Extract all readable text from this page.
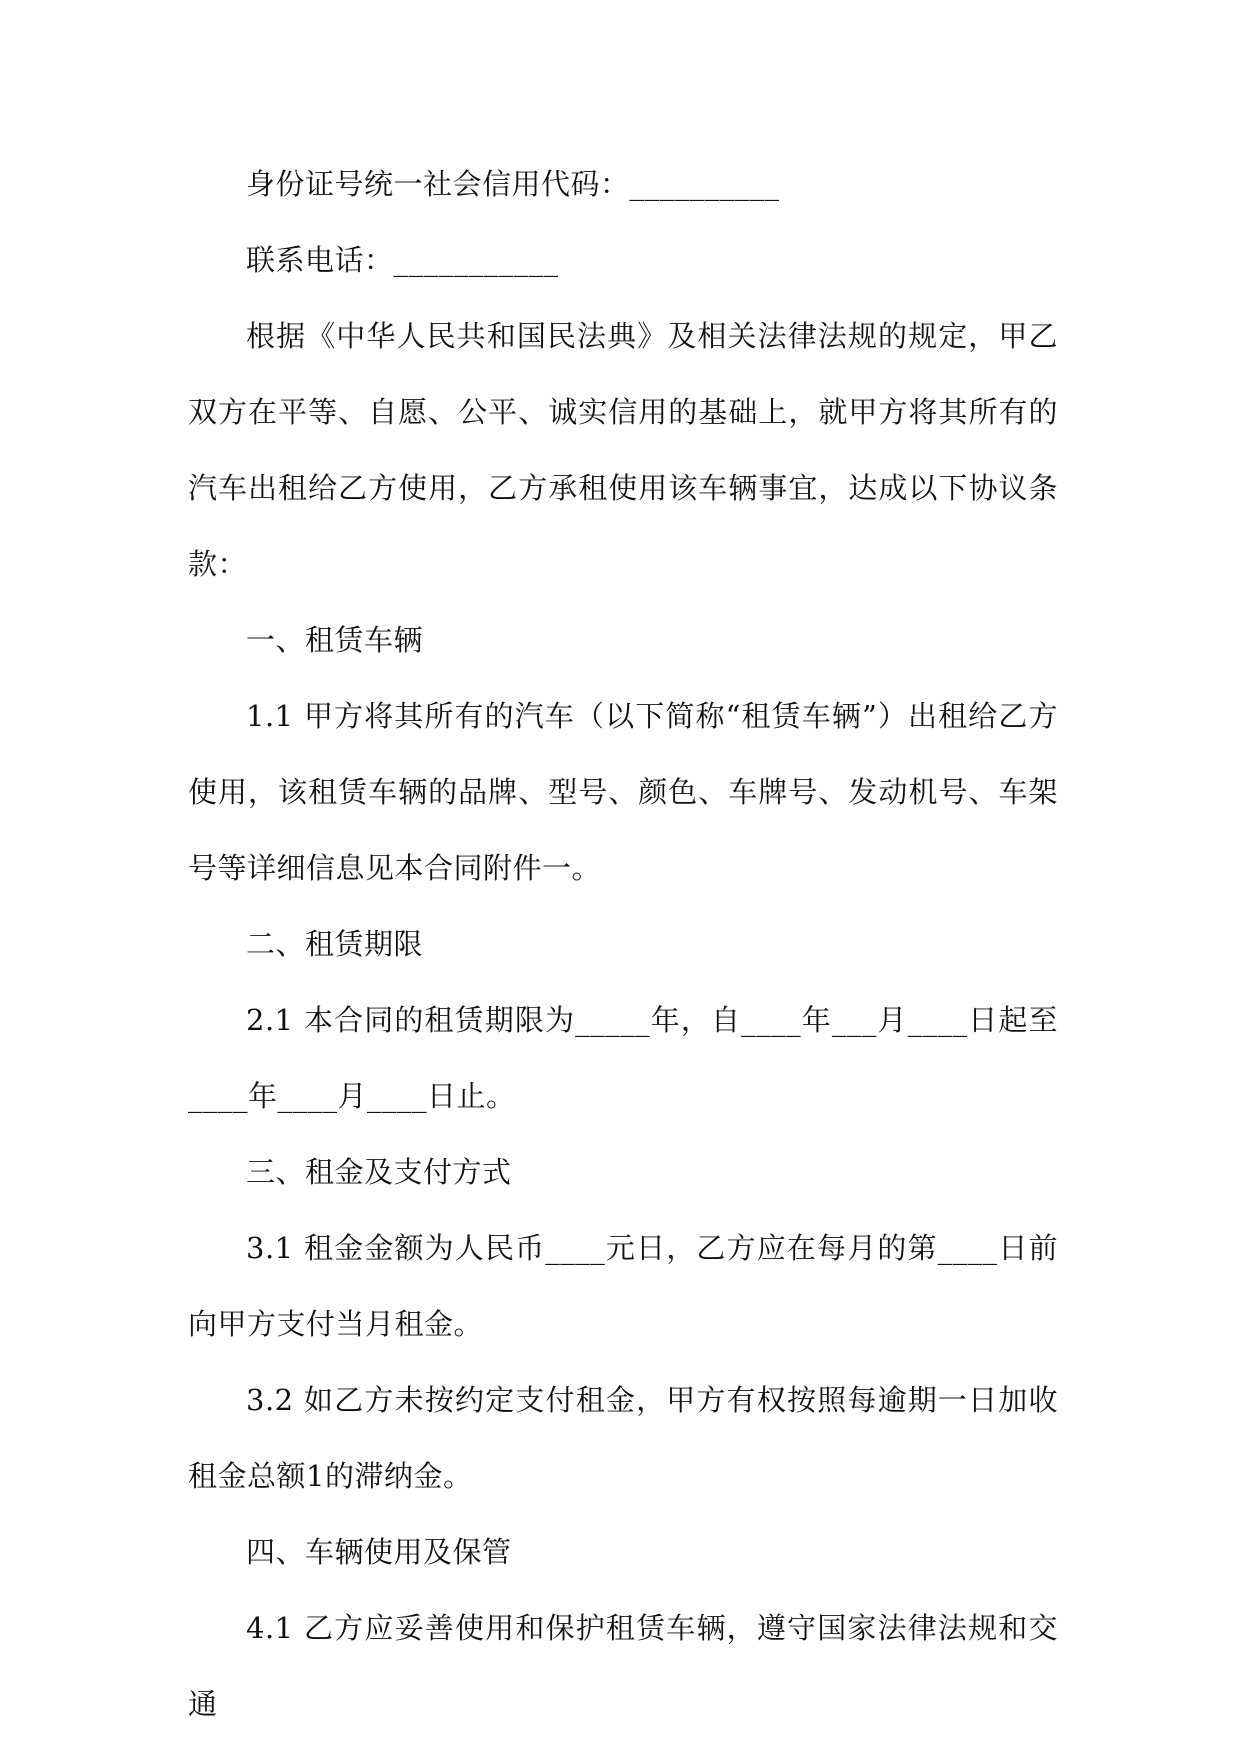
身份证号统一社会信用代码：__________

联系电话：___________

根据《中华人民共和国民法典》及相关法律法规的规定，甲乙双方在平等、自愿、公平、诚实信用的基础上，就甲方将其所有的汽车出租给乙方使用，乙方承租使用该车辆事宜，达成以下协议条款：

一、租赁车辆

1.1 甲方将其所有的汽车（以下简称“租赁车辆”）出租给乙方使用，该租赁车辆的品牌、型号、颜色、车牌号、发动机号、车架号等详细信息见本合同附件一。

二、租赁期限

2.1 本合同的租赁期限为_____年，自____年___月____日起至____年____月____日止。

三、租金及支付方式

3.1 租金金额为人民币____元日，乙方应在每月的第____日前向甲方支付当月租金。

3.2 如乙方未按约定支付租金，甲方有权按照每逾期一日加收租金总额1的滞纳金。

四、车辆使用及保管

4.1 乙方应妥善使用和保护租赁车辆，遵守国家法律法规和交通
